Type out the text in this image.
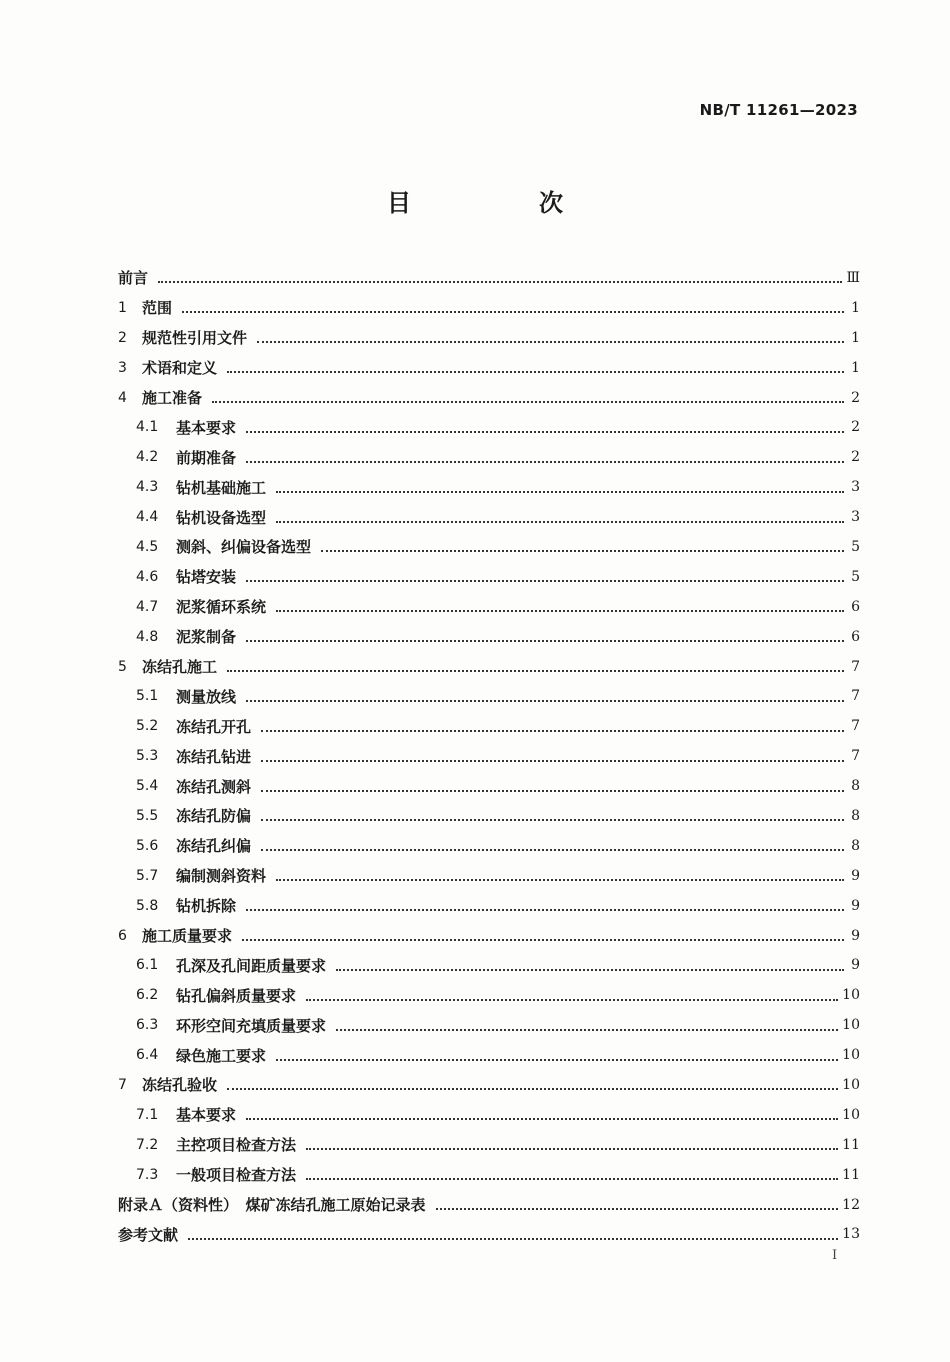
NB/T 11261—2023
目　次
前言	Ⅲ
1	范围	1
2	规范性引用文件	1
3	术语和定义	1
4	施工准备	2
4.1	基本要求	2
4.2	前期准备	2
4.3	钻机基础施工	3
4.4	钻机设备选型	3
4.5	测斜、纠偏设备选型	5
4.6	钻塔安装	5
4.7	泥浆循环系统	6
4.8	泥浆制备	6
5	冻结孔施工	7
5.1	测量放线	7
5.2	冻结孔开孔	7
5.3	冻结孔钻进	7
5.4	冻结孔测斜	8
5.5	冻结孔防偏	8
5.6	冻结孔纠偏	8
5.7	编制测斜资料	9
5.8	钻机拆除	9
6	施工质量要求	9
6.1	孔深及孔间距质量要求	9
6.2	钻孔偏斜质量要求	10
6.3	环形空间充填质量要求	10
6.4	绿色施工要求	10
7	冻结孔验收	10
7.1	基本要求	10
7.2	主控项目检查方法	11
7.3	一般项目检查方法	11
附录Ａ（资料性）　煤矿冻结孔施工原始记录表	12
参考文献	13
Ⅰ
